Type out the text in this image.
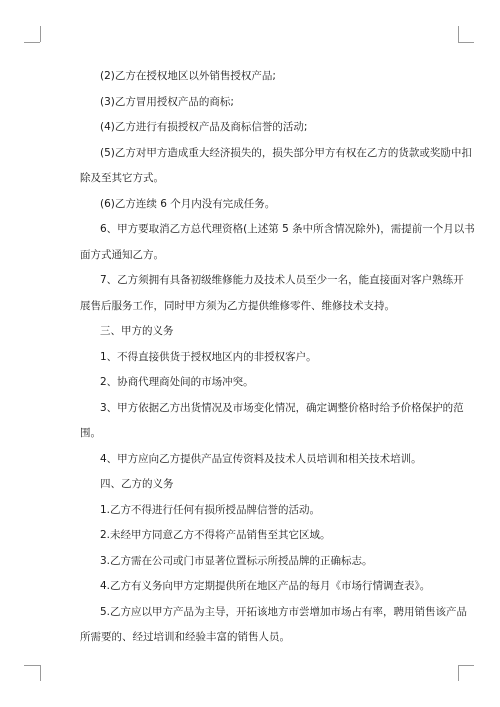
(2)乙方在授权地区以外销售授权产品;

(3)乙方冒用授权产品的商标;

(4)乙方进行有损授权产品及商标信誉的活动;

(5)乙方对甲方造成重大经济损失的，损失部分甲方有权在乙方的货款或奖励中扣
除及至其它方式。

(6)乙方连续 6 个月内没有完成任务。

6、甲方要取消乙方总代理资格(上述第 5 条中所含情况除外)，需提前一个月以书
面方式通知乙方。

7、乙方须拥有具备初级维修能力及技术人员至少一名，能直接面对客户熟练开
展售后服务工作，同时甲方须为乙方提供维修零件、维修技术支持。

三、甲方的义务

1、不得直接供货于授权地区内的非授权客户。

2、协商代理商处间的市场冲突。

3、甲方依据乙方出货情况及市场变化情况，确定调整价格时给予价格保护的范
围。

4、甲方应向乙方提供产品宣传资料及技术人员培训和相关技术培训。

四、乙方的义务

1.乙方不得进行任何有损所授品牌信誉的活动。

2.未经甲方同意乙方不得将产品销售至其它区域。

3.乙方需在公司或门市显著位置标示所授品牌的正确标志。

4.乙方有义务向甲方定期提供所在地区产品的每月《市场行情调查表》。

5.乙方应以甲方产品为主导，开拓该地方市尝增加市场占有率，聘用销售该产品
所需要的、经过培训和经验丰富的销售人员。
